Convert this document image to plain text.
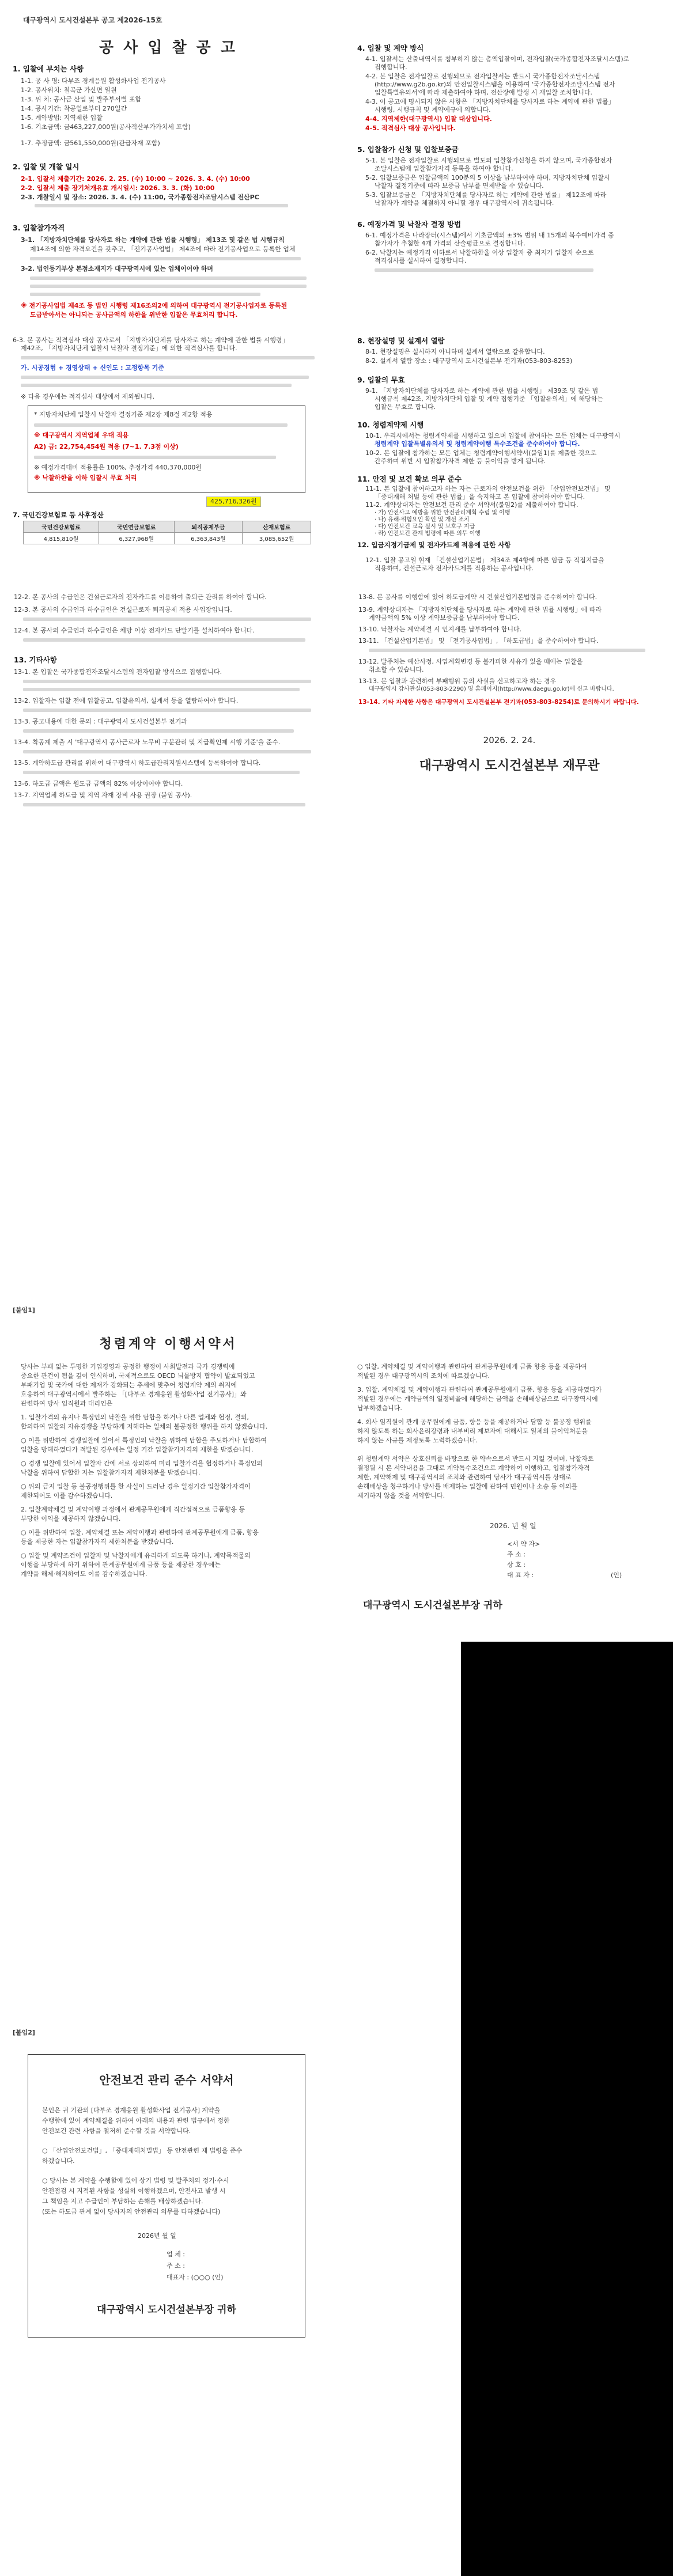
대구광역시 도시건설본부 공고 제2026-15호
공 사 입 찰 공 고
1. 입찰에 부치는 사항
1-1. 공 사 명: 다부조 경계응원 활성화사업 전기공사
1-2. 공사위치: 칠곡군 가산면 일원
1-3. 위 치: 공사금 산입 및 발주부서별 포함
1-4. 공사기간: 착공일로부터 270일간
1-5. 계약방법: 지역제한 입찰
1-6. 기초금액: 금463,227,000원(공사적산부가가치세 포함)
1-7. 추정금액: 금561,550,000원(관급자재 포함)
2. 입찰 및 개찰 일시
2-1. 입찰서 제출기간: 2026. 2. 25. (수) 10:00 ~ 2026. 3. 4. (수) 10:00
2-2. 입찰서 제출 장기처개유효 개시일시: 2026. 3. 3. (화) 10:00
2-3. 개찰일시 및 장소: 2026. 3. 4. (수) 11:00, 국가종합전자조달시스템 전산PC
3. 입찰참가자격
3-1. 「지방자치단체를 당사자로 하는 계약에 관한 법률 시행령」 제13조 및 같은 법 시행규칙
제14조에 의한 자격요건을 갖추고, 「전기공사업법」 제4조에 따라 전기공사업으로 등록한 업체
3-2. 법인등기부상 본점소재지가 대구광역시에 있는 업체이어야 하며
※ 전기공사업법 제4조 등 법인 시행령 제16조의2에 의하여 대구광역시 전기공사업자로 등록된
도급받아서는 아니되는 공사금액의 하한을 위반한 입찰은 무효처리 합니다.
4. 입찰 및 계약 방식
4-1. 입찰서는 산출내역서를 첨부하지 않는 총액입찰이며, 전자입찰(국가종합전자조달시스템)로
집행합니다.
4-2. 본 입찰은 전자입찰로 진행되므로 전자입찰서는 반드시 국가종합전자조달시스템
(http://www.g2b.go.kr)의 안전입찰시스템을 이용하여 '국가종합전자조달시스템 전자
입찰특별유의서'에 따라 제출하여야 하며, 전산장애 발생 시 재입찰 조치합니다.
4-3. 이 공고에 명시되지 않은 사항은 「지방자치단체를 당사자로 하는 계약에 관한 법률」
시행령, 시행규칙 및 계약예규에 의합니다.
4-4. 지역제한(대구광역시) 입찰 대상입니다.
4-5. 적격심사 대상 공사입니다.
5. 입찰참가 신청 및 입찰보증금
5-1. 본 입찰은 전자입찰로 시행되므로 별도의 입찰참가신청을 하지 않으며, 국가종합전자
조달시스템에 입찰참가자격 등록을 하여야 합니다.
5-2. 입찰보증금은 입찰금액의 100분의 5 이상을 납부하여야 하며, 지방자치단체 입찰시
낙찰자 결정기준에 따라 보증금 납부를 면제받을 수 있습니다.
5-3. 입찰보증금은 「지방자치단체를 당사자로 하는 계약에 관한 법률」 제12조에 따라
낙찰자가 계약을 체결하지 아니할 경우 대구광역시에 귀속됩니다.
6. 예정가격 및 낙찰자 결정 방법
6-1. 예정가격은 나라장터(시스템)에서 기초금액의 ±3% 범위 내 15개의 복수예비가격 중
참가자가 추첨한 4개 가격의 산술평균으로 결정합니다.
6-2. 낙찰자는 예정가격 이하로서 낙찰하한율 이상 입찰자 중 최저가 입찰자 순으로
적격심사를 실시하여 결정합니다.
6-3. 본 공사는 적격심사 대상 공사로서 「지방자치단체를 당사자로 하는 계약에 관한 법률 시행령」
제42조, 「지방자치단체 입찰시 낙찰자 결정기준」에 의한 적격심사를 합니다.
가. 시공경험 + 경영상태 + 신인도 : 고정항목 기준
※ 다음 경우에는 적격심사 대상에서 제외됩니다.
* 지방자치단체 입찰시 낙찰자 결정기준 제2장 제8절 제2항 적용
※ 대구광역시 지역업체 우대 적용
A2) 금: 22,754,454원 적용 (7~1. 7.3점 이상)
※ 예정가격대비 적용률은 100%, 추정가격 440,370,000원
※ 낙찰하한율 이하 입찰시 무효 처리
425,716,326원
7. 국민건강보험료 등 사후정산
국민건강보험료	국민연금보험료	퇴직공제부금	산재보험료
4,815,810원	6,327,968원	6,363,843원	3,085,652원
8. 현장설명 및 설계서 열람
8-1. 현장설명은 실시하지 아니하며 설계서 열람으로 갈음합니다.
8-2. 설계서 열람 장소 : 대구광역시 도시건설본부 전기과(053-803-8253)
9. 입찰의 무효
9-1. 「지방자치단체를 당사자로 하는 계약에 관한 법률 시행령」 제39조 및 같은 법
시행규칙 제42조, 지방자치단체 입찰 및 계약 집행기준 「입찰유의서」에 해당하는
입찰은 무효로 합니다.
10. 청렴계약제 시행
10-1. 우리시에서는 청렴계약제를 시행하고 있으며 입찰에 참여하는 모든 업체는 대구광역시
청렴계약 입찰특별유의서 및 청렴계약이행 특수조건을 준수하여야 합니다.
10-2. 본 입찰에 참가하는 모든 업체는 청렴계약이행서약서(붙임1)를 제출한 것으로
간주하며 위반 시 입찰참가자격 제한 등 불이익을 받게 됩니다.
11. 안전 및 보건 확보 의무 준수
11-1. 본 입찰에 참여하고자 하는 자는 근로자의 안전보건을 위한 「산업안전보건법」 및
「중대재해 처벌 등에 관한 법률」을 숙지하고 본 입찰에 참여하여야 합니다.
11-2. 계약상대자는 안전보건 관리 준수 서약서(붙임2)를 제출하여야 합니다.
· 가) 안전사고 예방을 위한 안전관리계획 수립 및 이행
· 나) 유해·위험요인 확인 및 개선 조치
· 다) 안전보건 교육 실시 및 보호구 지급
· 라) 안전보건 관계 법령에 따른 의무 이행
12. 입금지정기금제 및 전자카드제 적용에 관한 사항
12-1. 입찰 공고일 현재 「건설산업기본법」 제34조 제4항에 따른 임금 등 직접지급을
적용하며, 건설근로자 전자카드제를 적용하는 공사입니다.
12-2. 본 공사의 수급인은 건설근로자의 전자카드를 이용하여 출퇴근 관리를 하여야 합니다.
12-3. 본 공사의 수급인과 하수급인은 건설근로자 퇴직공제 적용 사업장입니다.
12-4. 본 공사의 수급인과 하수급인은 체당 이상 전자카드 단말기를 설치하여야 합니다.
13. 기타사항
13-1. 본 입찰은 국가종합전자조달시스템의 전자입찰 방식으로 집행합니다.
13-2. 입찰자는 입찰 전에 입찰공고, 입찰유의서, 설계서 등을 열람하여야 합니다.
13-3. 공고내용에 대한 문의 : 대구광역시 도시건설본부 전기과
13-4. 착공계 제출 시 '대구광역시 공사근로자 노무비 구분관리 및 지급확인제 시행 기준'을 준수.
13-5. 계약하도급 관리를 위하여 대구광역시 하도급관리지원시스템에 등록하여야 합니다.
13-6. 하도급 금액은 원도급 금액의 82% 이상이어야 합니다.
13-7. 지역업체 하도급 및 지역 자재 장비 사용 권장 (붙임 공사).
13-8. 본 공사를 이행함에 있어 하도급계약 시 건설산업기본법령을 준수하여야 합니다.
13-9. 계약상대자는 「지방자치단체를 당사자로 하는 계약에 관한 법률 시행령」에 따라
계약금액의 5% 이상 계약보증금을 납부하여야 합니다.
13-10. 낙찰자는 계약체결 시 인지세를 납부하여야 합니다.
13-11. 「건설산업기본법」 및 「전기공사업법」, 「하도급법」을 준수하여야 합니다.
13-12. 발주처는 예산사정, 사업계획변경 등 불가피한 사유가 있을 때에는 입찰을
취소할 수 있습니다.
13-13. 본 입찰과 관련하여 부패행위 등의 사실을 신고하고자 하는 경우
대구광역시 감사관실(053-803-2290) 및 홈페이지(http://www.daegu.go.kr)에 신고 바랍니다.
13-14. 기타 자세한 사항은 대구광역시 도시건설본부 전기과(053-803-8254)로 문의하시기 바랍니다.
2026. 2. 24.
대구광역시 도시건설본부 재무관
[붙임1]
청렴계약 이행서약서
당사는 부패 없는 투명한 기업경영과 공정한 행정이 사회발전과 국가 경쟁력에
중요한 관건이 됨을 깊이 인식하며, 국제적으로도 OECD 뇌물방지 협약이 발효되었고
부패기업 및 국가에 대한 제재가 강화되는 추세에 맞추어 청렴계약 제의 취지에
호응하여 대구광역시에서 발주하는 「[다부조 경계응원 활성화사업 전기공사]」와
관련하여 당사 임직원과 대리인은
1. 입찰가격의 유지나 특정인의 낙찰을 위한 담합을 하거나 다른 업체와 협정, 결의,
합의하여 입찰의 자유경쟁을 부당하게 저해하는 일체의 불공정한 행위를 하지 않겠습니다.
○ 이를 위반하여 경쟁입찰에 있어서 특정인의 낙찰을 위하여 담합을 주도하거나 담합하여
입찰을 방해하였다가 적발된 경우에는 일정 기간 입찰참가자격의 제한을 받겠습니다.
○ 경쟁 입찰에 있어서 입찰자 간에 서로 상의하여 미리 입찰가격을 협정하거나 특정인의
낙찰을 위하여 담합한 자는 입찰참가자격 제한처분을 받겠습니다.
○ 위의 금지 입찰 등 불공정행위를 한 사실이 드러난 경우 일정기간 입찰참가자격이
제한되어도 이를 감수하겠습니다.
2. 입찰계약체결 및 계약이행 과정에서 관계공무원에게 직간접적으로 금품향응 등
부당한 이익을 제공하지 않겠습니다.
○ 이를 위반하여 입찰, 계약체결 또는 계약이행과 관련하여 관계공무원에게 금품, 향응
등을 제공한 자는 입찰참가자격 제한처분을 받겠습니다.
○ 입찰 및 계약조건이 입찰자 및 낙찰자에게 유리하게 되도록 하거나, 계약목적물의
이행을 부당하게 하기 위하여 관계공무원에게 금품 등을 제공한 경우에는
계약을 해제·해지하여도 이를 감수하겠습니다.
○ 입찰, 계약체결 및 계약이행과 관련하여 관계공무원에게 금품 향응 등을 제공하여
적발된 경우 대구광역시의 조치에 따르겠습니다.
3. 입찰, 계약체결 및 계약이행과 관련하여 관계공무원에게 금품, 향응 등을 제공하였다가
적발된 경우에는 계약금액의 일정비율에 해당하는 금액을 손해배상금으로 대구광역시에
납부하겠습니다.
4. 회사 임직원이 관계 공무원에게 금품, 향응 등을 제공하거나 담합 등 불공정 행위를
하지 않도록 하는 회사윤리강령과 내부비리 제보자에 대해서도 일체의 불이익처분을
하지 않는 사규를 제정토록 노력하겠습니다.
위 청렴계약 서약은 상호신뢰를 바탕으로 한 약속으로서 반드시 지킬 것이며, 낙찰자로
결정될 시 본 서약내용을 그대로 계약특수조건으로 계약하여 이행하고, 입찰참가자격
제한, 계약해제 및 대구광역시의 조치와 관련하여 당사가 대구광역시를 상대로
손해배상을 청구하거나 당사를 배제하는 입찰에 관하여 민원이나 소송 등 이의를
제기하지 않을 것을 서약합니다.
2026. 년 월 일
<서 약 자>
주 소 :
상 호 :
대 표 자 :	(인)
대구광역시 도시건설본부장 귀하
[붙임2]
안전보건 관리 준수 서약서
본인은 귀 기관의 [다부조 경계응원 활성화사업 전기공사] 계약을
수행함에 있어 계약체결을 위하여 아래의 내용과 관련 법규에서 정한
안전보건 관련 사항을 철저히 준수할 것을 서약합니다.
○ 「산업안전보건법」, 「중대재해처벌법」 등 안전관련 제 법령을 준수
하겠습니다.
○ 당사는 본 계약을 수행함에 있어 상기 법령 및 발주처의 정기·수시
안전점검 시 지적된 사항을 성실히 이행하겠으며, 안전사고 발생 시
그 책임을 지고 수급인이 부담하는 손해를 배상하겠습니다.
(또는 하도급 관계 없이 당사자의 안전관리 의무를 다하겠습니다)
2026년 월 일
업 체 :
주 소 :
대표자 : (○○○ (인)
대구광역시 도시건설본부장 귀하
